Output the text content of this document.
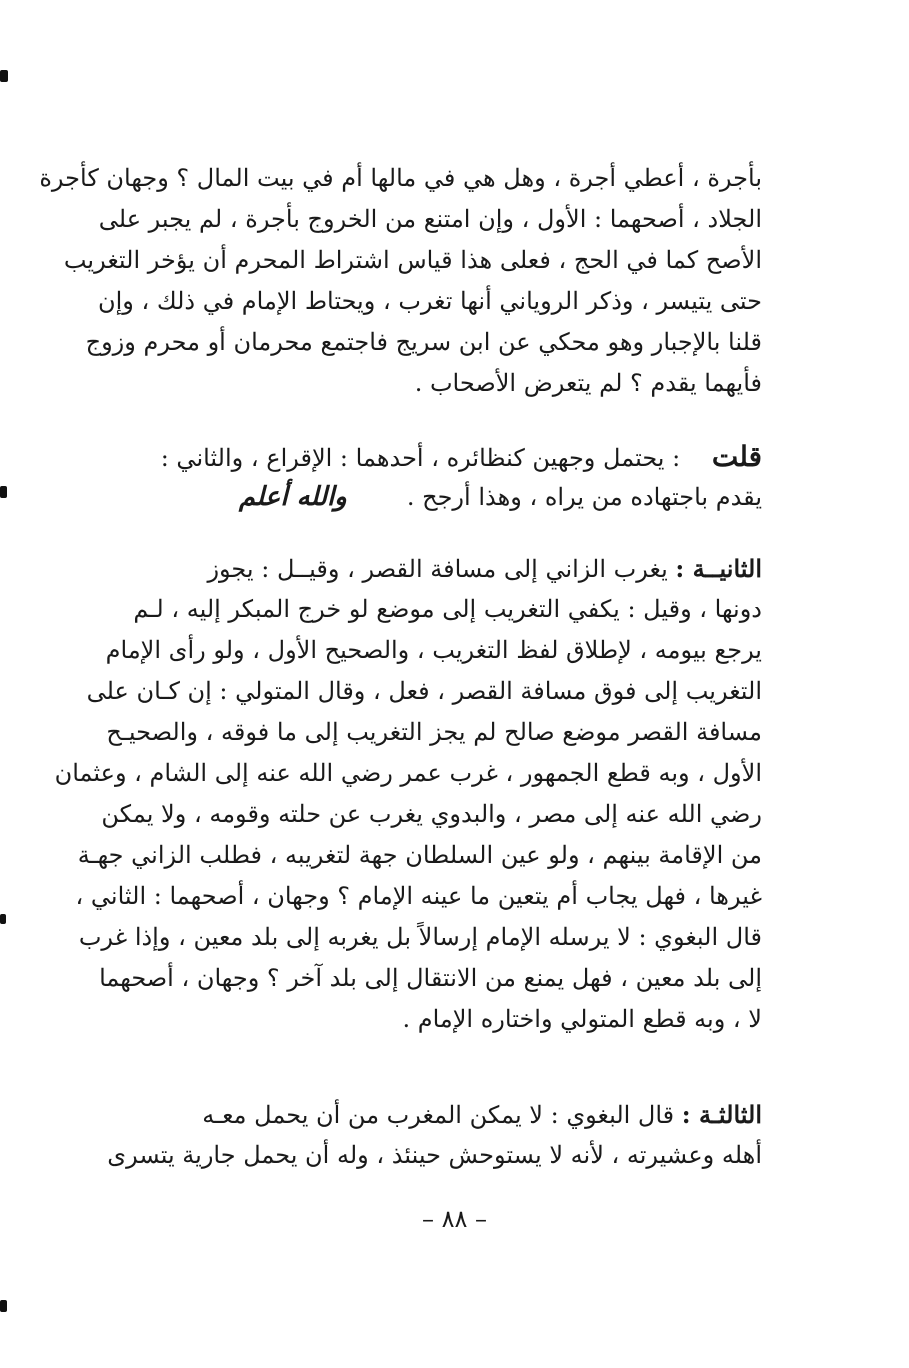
بأجرة ، أعطي أجرة ، وهل هي في مالها أم في بيت المال ؟ وجهان كأجرة
الجلاد ، أصحهما : الأول ، وإن امتنع من الخروج بأجرة ، لم يجبر على
الأصح كما في الحج ، فعلى هذا قياس اشتراط المحرم أن يؤخر التغريب
حتى يتيسر ، وذكر الروياني أنها تغرب ، ويحتاط الإمام في ذلك ، وإن
قلنا بالإجبار وهو محكي عن ابن سريج فاجتمع محرمان أو محرم وزوج
فأيهما يقدم ؟ لم يتعرض الأصحاب .
قلت : يحتمل وجهين كنظائره ، أحدهما : الإقراع ، والثاني :
يقدم باجتهاده من يراه ، وهذا أرجح .والله أعلم
الثانيــة : يغرب الزاني إلى مسافة القصر ، وقيــل : يجوز
دونها ، وقيل : يكفي التغريب إلى موضع لو خرج المبكر إليه ، لـم
يرجع بيومه ، لإطلاق لفظ التغريب ، والصحيح الأول ، ولو رأى الإمام
التغريب إلى فوق مسافة القصر ، فعل ، وقال المتولي : إن كـان على
مسافة القصر موضع صالح لم يجز التغريب إلى ما فوقه ، والصحيـح
الأول ، وبه قطع الجمهور ، غرب عمر رضي الله عنه إلى الشام ، وعثمان
رضي الله عنه إلى مصر ، والبدوي يغرب عن حلته وقومه ، ولا يمكن
من الإقامة بينهم ، ولو عين السلطان جهة لتغريبه ، فطلب الزاني جهـة
غيرها ، فهل يجاب أم يتعين ما عينه الإمام ؟ وجهان ، أصحهما : الثاني ،
قال البغوي : لا يرسله الإمام إرسالاً بل يغربه إلى بلد معين ، وإذا غرب
إلى بلد معين ، فهل يمنع من الانتقال إلى بلد آخر ؟ وجهان ، أصحهما
لا ، وبه قطع المتولي واختاره الإمام .
الثالثـة : قال البغوي : لا يمكن المغرب من أن يحمل معـه
أهله وعشيرته ، لأنه لا يستوحش حينئذ ، وله أن يحمل جارية يتسرى
– ٨٨ –
